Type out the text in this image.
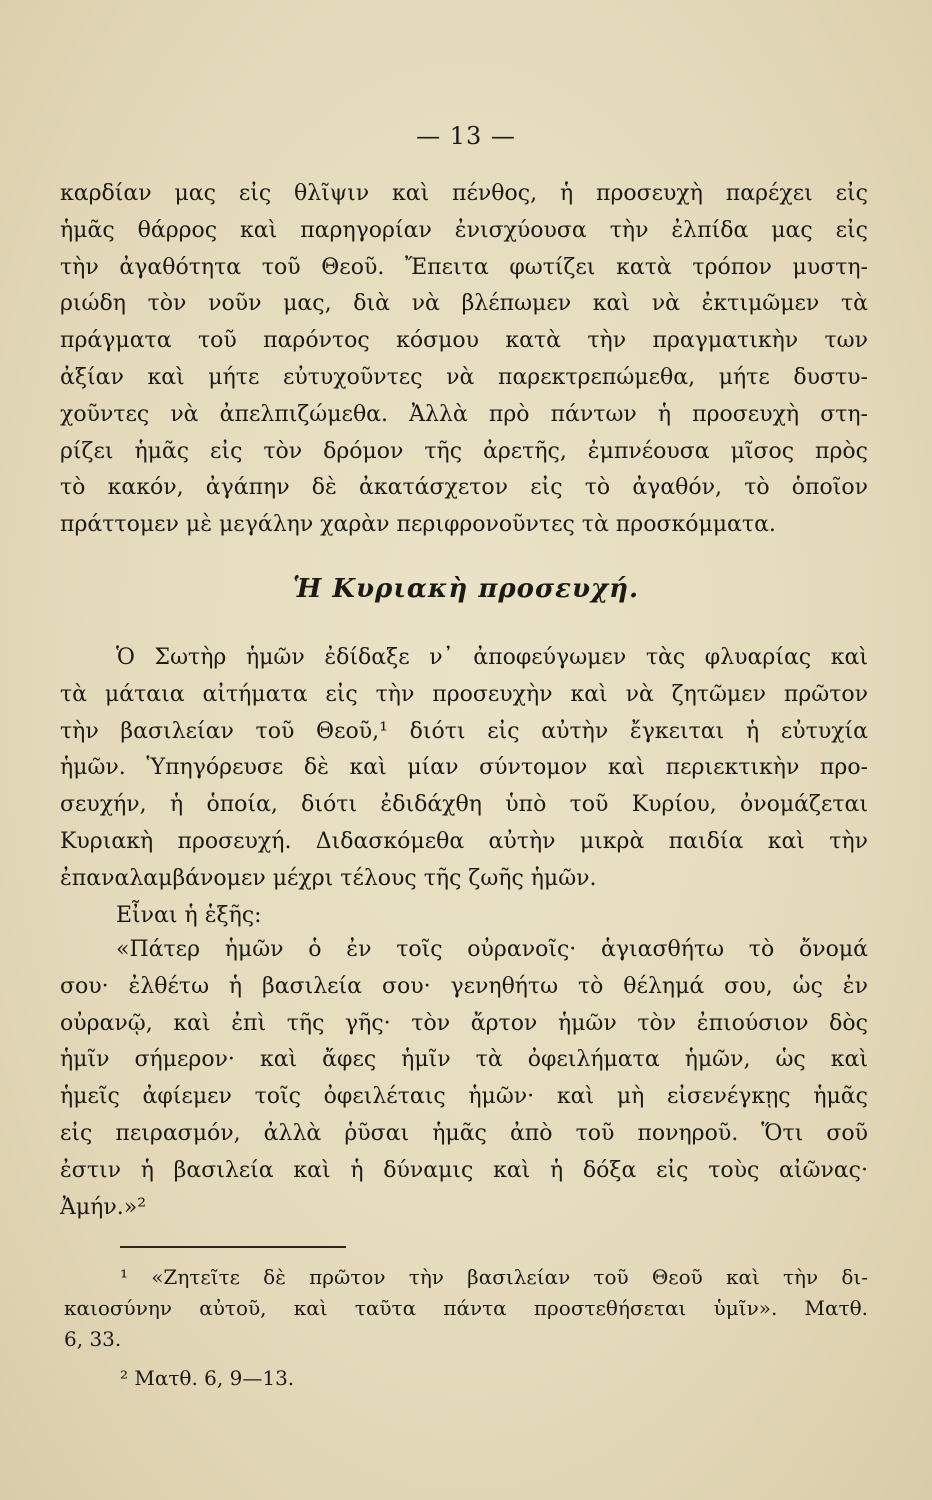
— 13 —
καρδίαν μας εἰς θλῖψιν καὶ πένθος, ἡ προσευχὴ παρέχει εἰς
ἡμᾶς θάρρος καὶ παρηγορίαν ἐνισχύουσα τὴν ἐλπίδα μας εἰς
τὴν ἀγαθότητα τοῦ Θεοῦ. Ἔπειτα φωτίζει κατὰ τρόπον μυστη-
ριώδη τὸν νοῦν μας, διὰ νὰ βλέπωμεν καὶ νὰ ἐκτιμῶμεν τὰ
πράγματα τοῦ παρόντος κόσμου κατὰ τὴν πραγματικὴν των
ἀξίαν καὶ μήτε εὐτυχοῦντες νὰ παρεκτρεπώμεθα, μήτε δυστυ-
χοῦντες νὰ ἀπελπιζώμεθα. Ἀλλὰ πρὸ πάντων ἡ προσευχὴ στη-
ρίζει ἡμᾶς εἰς τὸν δρόμον τῆς ἀρετῆς, ἐμπνέουσα μῖσος πρὸς
τὸ κακόν, ἀγάπην δὲ ἀκατάσχετον εἰς τὸ ἀγαθόν, τὸ ὁποῖον
πράττομεν μὲ μεγάλην χαρὰν περιφρονοῦντες τὰ προσκόμματα.
Ἡ Κυριακὴ προσευχή.
Ὁ Σωτὴρ ἡμῶν ἐδίδαξε ν᾽ ἀποφεύγωμεν τὰς φλυαρίας καὶ
τὰ μάταια αἰτήματα εἰς τὴν προσευχὴν καὶ νὰ ζητῶμεν πρῶτον
τὴν βασιλείαν τοῦ Θεοῦ,¹ διότι εἰς αὐτὴν ἔγκειται ἡ εὐτυχία
ἡμῶν. Ὑπηγόρευσε δὲ καὶ μίαν σύντομον καὶ περιεκτικὴν προ-
σευχήν, ἡ ὁποία, διότι ἐδιδάχθη ὑπὸ τοῦ Κυρίου, ὀνομάζεται
Κυριακὴ προσευχή. Διδασκόμεθα αὐτὴν μικρὰ παιδία καὶ τὴν
ἐπαναλαμβάνομεν μέχρι τέλους τῆς ζωῆς ἡμῶν.
Εἶναι ἡ ἑξῆς:
«Πάτερ ἡμῶν ὁ ἐν τοῖς οὐρανοῖς· ἁγιασθήτω τὸ ὄνομά
σου· ἐλθέτω ἡ βασιλεία σου· γενηθήτω τὸ θέλημά σου, ὡς ἐν
οὐρανῷ, καὶ ἐπὶ τῆς γῆς· τὸν ἄρτον ἡμῶν τὸν ἐπιούσιον δὸς
ἡμῖν σήμερον· καὶ ἄφες ἡμῖν τὰ ὀφειλήματα ἡμῶν, ὡς καὶ
ἡμεῖς ἀφίεμεν τοῖς ὀφειλέταις ἡμῶν· καὶ μὴ εἰσενέγκῃς ἡμᾶς
εἰς πειρασμόν, ἀλλὰ ῥῦσαι ἡμᾶς ἀπὸ τοῦ πονηροῦ. Ὅτι σοῦ
ἐστιν ἡ βασιλεία καὶ ἡ δύναμις καὶ ἡ δόξα εἰς τοὺς αἰῶνας·
Ἀμήν.»²
¹ «Ζητεῖτε δὲ πρῶτον τὴν βασιλείαν τοῦ Θεοῦ καὶ τὴν δι-
καιοσύνην αὐτοῦ, καὶ ταῦτα πάντα προστεθήσεται ὑμῖν». Ματθ.
6, 33.
² Ματθ. 6, 9—13.
